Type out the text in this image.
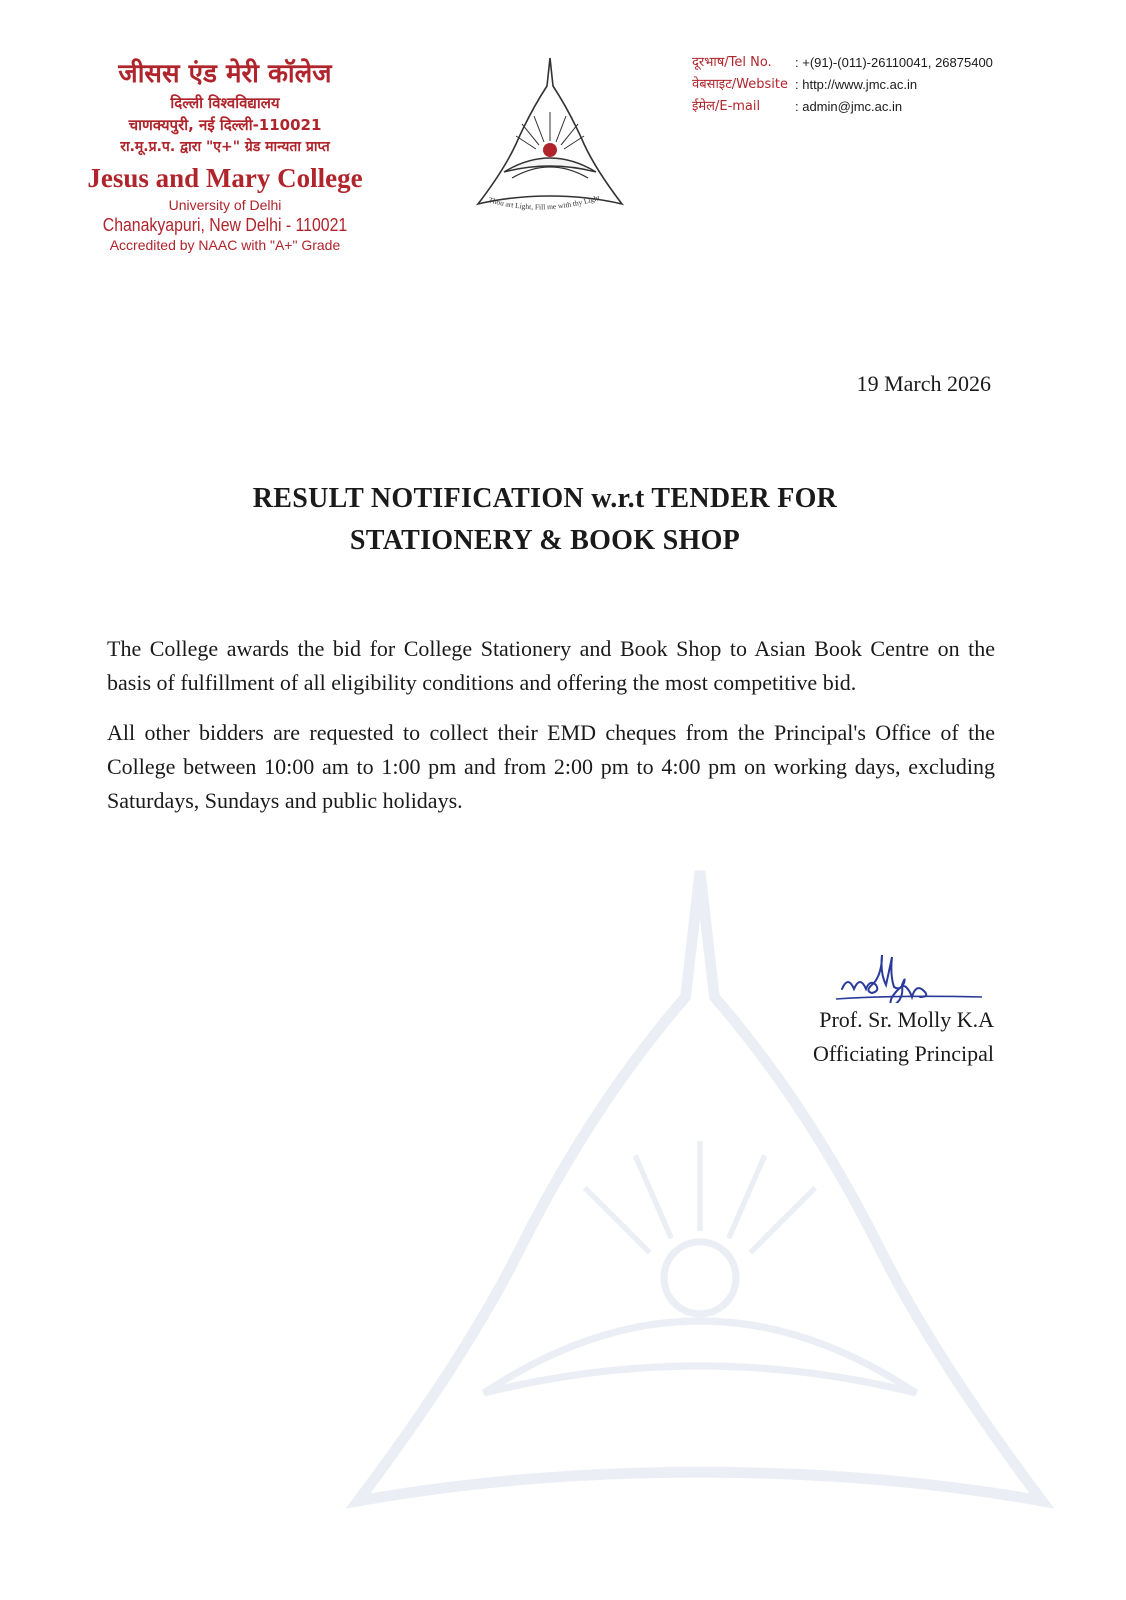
जीसस एंड मेरी कॉलेज
दिल्ली विश्वविद्यालय
चाणक्यपुरी, नई दिल्ली-110021
रा.मू.प्र.प. द्वारा "ए+" ग्रेड मान्यता प्राप्त
Jesus and Mary College
University of Delhi
Chanakyapuri, New Delhi - 110021
Accredited by NAAC with "A+" Grade
Thou art Light, Fill me with thy Light
दूरभाष/Tel No.	: +(91)-(011)-26110041, 26875400
वेबसाइट/Website : http://www.jmc.ac.in
ईमेल/E-mail	: admin@jmc.ac.in
19 March 2026
RESULT NOTIFICATION w.r.t TENDER FOR
STATIONERY & BOOK SHOP

The College awards the bid for College Stationery and Book Shop to Asian Book Centre on the basis of fulfillment of all eligibility conditions and offering the most competitive bid.

All other bidders are requested to collect their EMD cheques from the Principal's Office of the College between 10:00 am to 1:00 pm and from 2:00 pm to 4:00 pm on working days, excluding Saturdays, Sundays and public holidays.

Prof. Sr. Molly K.A
Officiating Principal
